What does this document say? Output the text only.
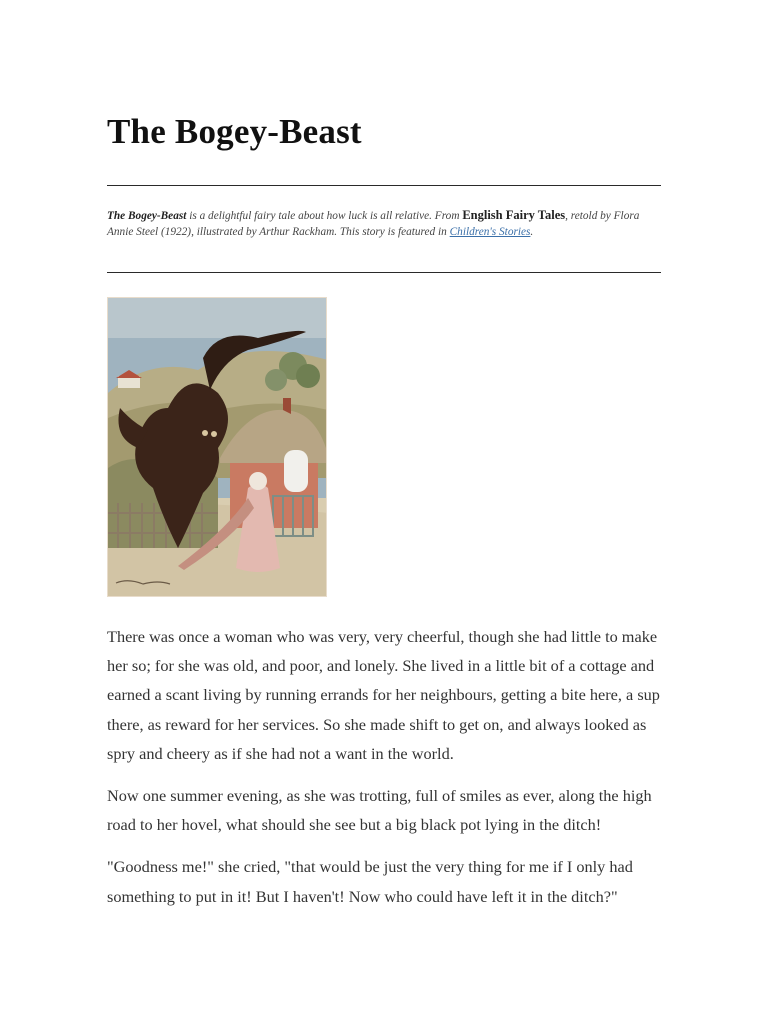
The Bogey-Beast

The Bogey-Beast is a delightful fairy tale about how luck is all relative. From English Fairy Tales, retold by Flora Annie Steel (1922), illustrated by Arthur Rackham. This story is featured in Children's Stories.

There was once a woman who was very, very cheerful, though she had little to make her so; for she was old, and poor, and lonely. She lived in a little bit of a cottage and earned a scant living by running errands for her neighbours, getting a bite here, a sup there, as reward for her services. So she made shift to get on, and always looked as spry and cheery as if she had not a want in the world.

Now one summer evening, as she was trotting, full of smiles as ever, along the high road to her hovel, what should she see but a big black pot lying in the ditch!

"Goodness me!" she cried, "that would be just the very thing for me if I only had something to put in it! But I haven't! Now who could have left it in the ditch?"
